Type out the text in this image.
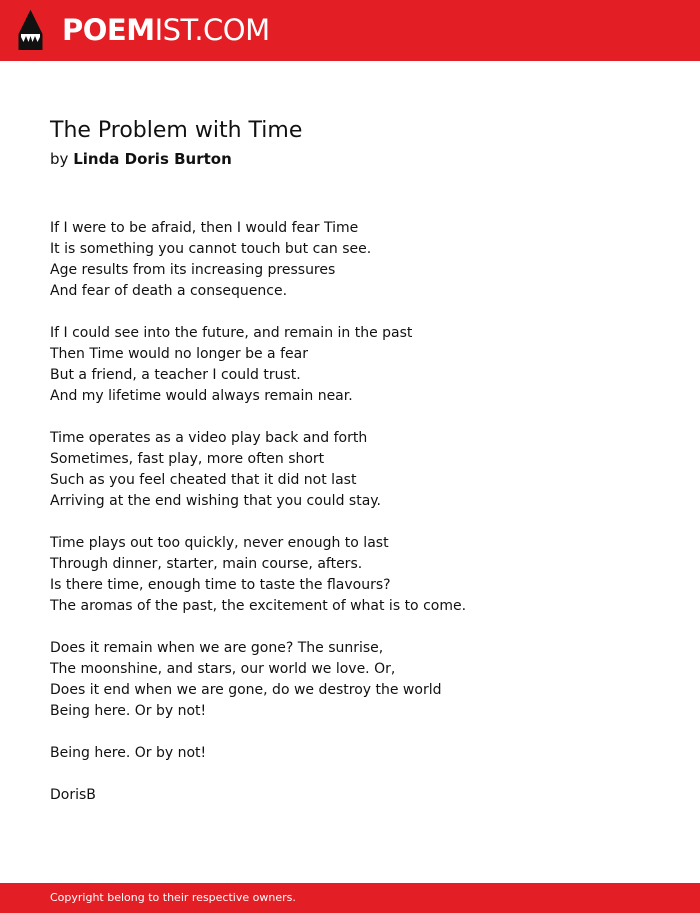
POEMIST.COM
The Problem with Time

by Linda Doris Burton

If I were to be afraid, then I would fear Time
It is something you cannot touch but can see.
Age results from its increasing pressures
And fear of death a consequence.
If I could see into the future, and remain in the past
Then Time would no longer be a fear
But a friend, a teacher I could trust.
And my lifetime would always remain near.
Time operates as a video play back and forth
Sometimes, fast play, more often short
Such as you feel cheated that it did not last
Arriving at the end wishing that you could stay.
Time plays out too quickly, never enough to last
Through dinner, starter, main course, afters.
Is there time, enough time to taste the flavours?
The aromas of the past, the excitement of what is to come.
Does it remain when we are gone? The sunrise,
The moonshine, and stars, our world we love. Or,
Does it end when we are gone, do we destroy the world
Being here. Or by not!
Being here. Or by not!
DorisB
Copyright belong to their respective owners.
